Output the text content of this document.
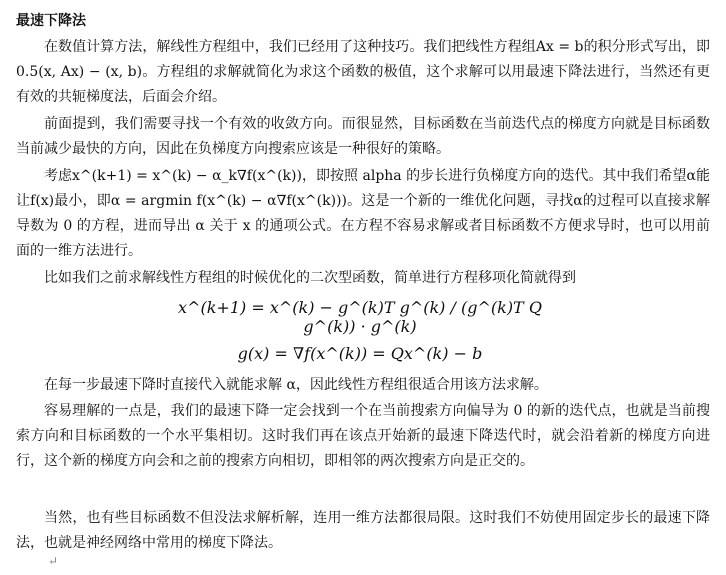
最速下降法

在数值计算方法，解线性方程组中，我们已经用了这种技巧。我们把线性方程组Ax = b的积分形式写出，即0.5(x, Ax) − (x, b)。方程组的求解就简化为求这个函数的极值，这个求解可以用最速下降法进行，当然还有更有效的共轭梯度法，后面会介绍。

前面提到，我们需要寻找一个有效的收敛方向。而很显然，目标函数在当前迭代点的梯度方向就是目标函数当前减少最快的方向，因此在负梯度方向搜索应该是一种很好的策略。

考虑x^(k+1) = x^(k) − α_k∇f(x^(k))，即按照 alpha 的步长进行负梯度方向的迭代。其中我们希望α能让f(x)最小，即α = argmin f(x^(k) − α∇f(x^(k)))。这是一个新的一维优化问题，寻找α的过程可以直接求解导数为 0 的方程，进而导出 α 关于 x 的通项公式。在方程不容易求解或者目标函数不方便求导时，也可以用前面的一维方法进行。

比如我们之前求解线性方程组的时候优化的二次型函数，简单进行方程移项化简就得到

x^(k+1) = x^(k) − g^(k)T g^(k) / (g^(k)T Q g^(k)) · g^(k)
g(x) = ∇f(x^(k)) = Qx^(k) − b

在每一步最速下降时直接代入就能求解 α，因此线性方程组很适合用该方法求解。

容易理解的一点是，我们的最速下降一定会找到一个在当前搜索方向偏导为 0 的新的迭代点，也就是当前搜索方向和目标函数的一个水平集相切。这时我们再在该点开始新的最速下降迭代时，就会沿着新的梯度方向进行，这个新的梯度方向会和之前的搜索方向相切，即相邻的两次搜索方向是正交的。

当然，也有些目标函数不但没法求解析解，连用一维方法都很局限。这时我们不妨使用固定步长的最速下降法，也就是神经网络中常用的梯度下降法。

↵
